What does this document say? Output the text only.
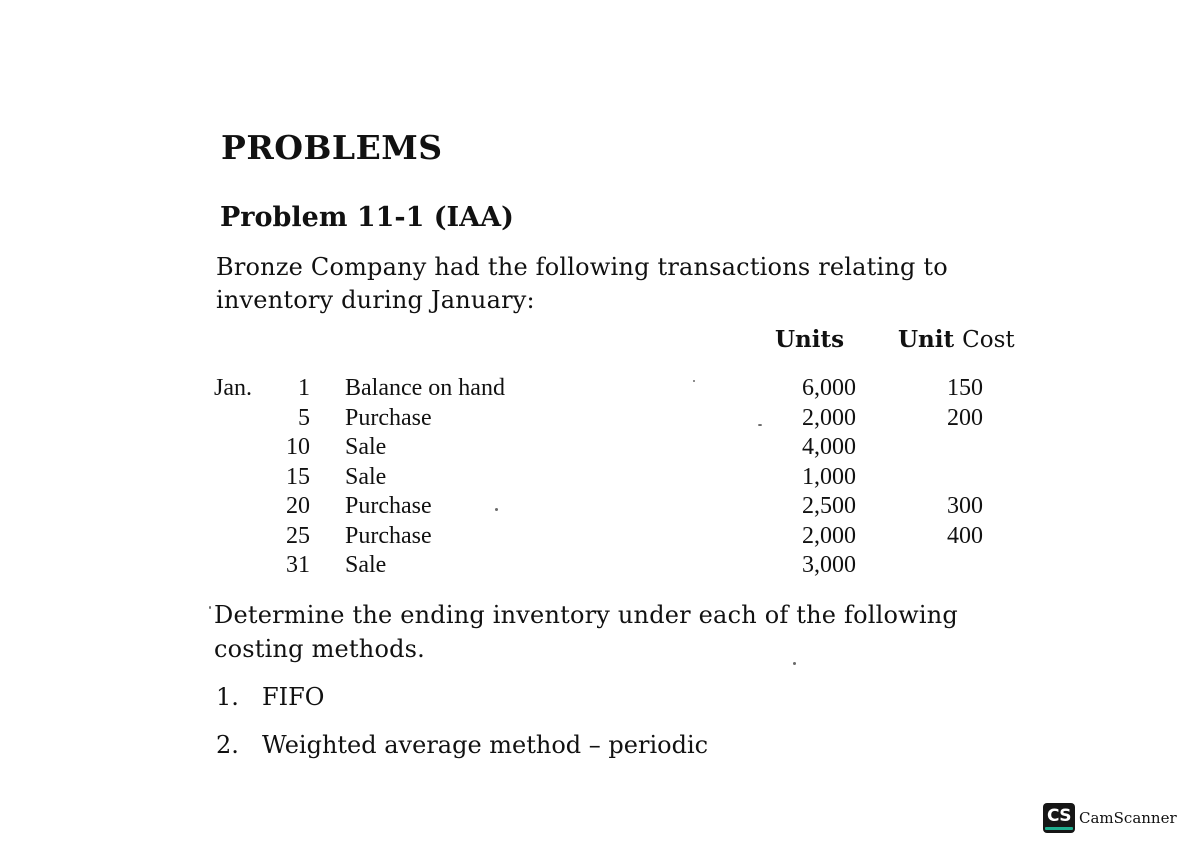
PROBLEMS
Problem 11-1 (IAA)

Bronze Company had the following transactions relating to
inventory during January:

Units Unit Cost
Jan.	1 Balance on hand	6,000	150
5 Purchase	2,000	200
10 Sale	4,000
15 Sale	1,000
20 Purchase	2,500	300
25 Purchase	2,000	400
31 Sale	3,000

Determine the ending inventory under each of the following
costing methods.

1. FIFO
2. Weighted average method – periodic
CS CamScanner
